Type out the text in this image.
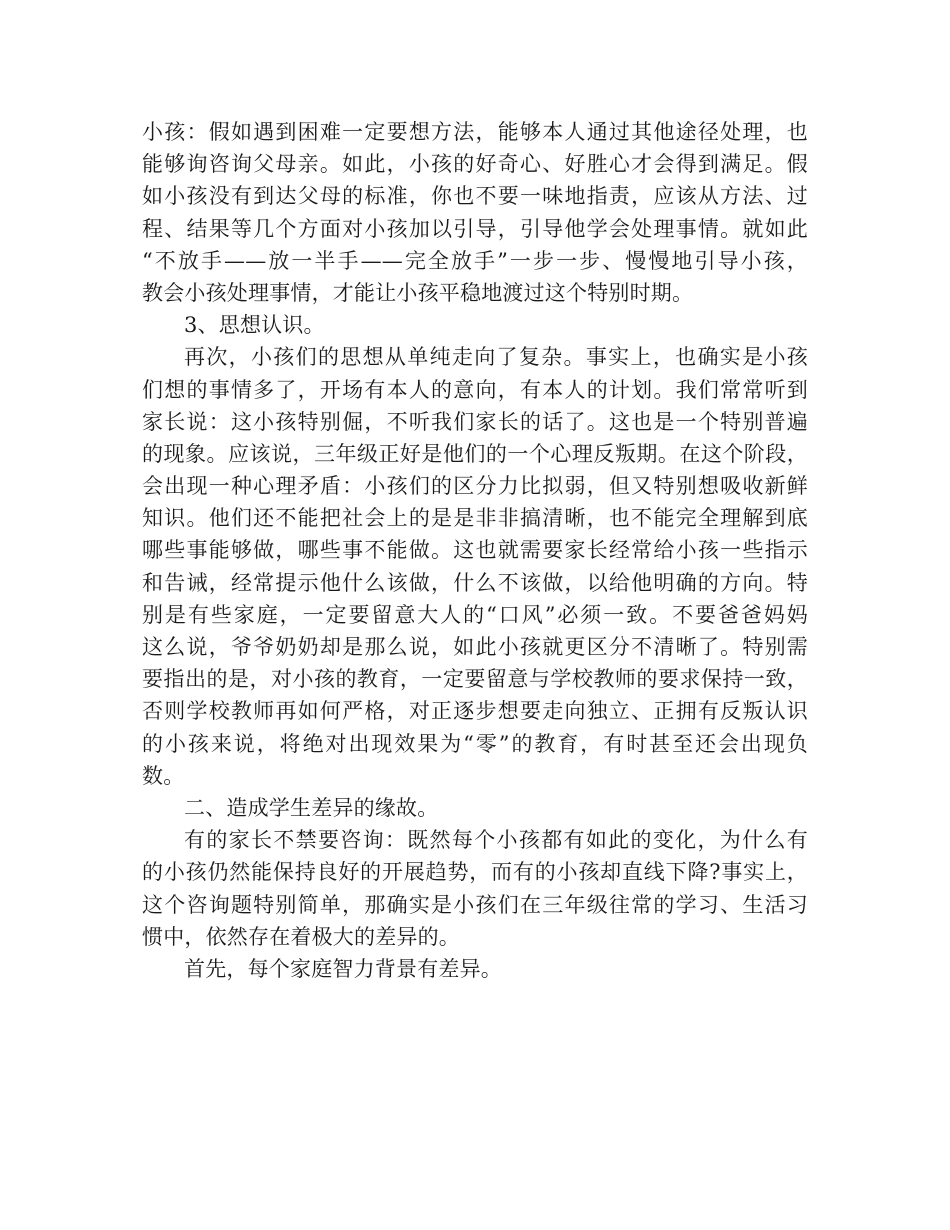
小孩：假如遇到困难一定要想方法，能够本人通过其他途径处理，也

能够询咨询父母亲。如此，小孩的好奇心、好胜心才会得到满足。假

如小孩没有到达父母的标准，你也不要一味地指责，应该从方法、过

程、结果等几个方面对小孩加以引导，引导他学会处理事情。就如此

“不放手——放一半手——完全放手”一步一步、慢慢地引导小孩，

教会小孩处理事情，才能让小孩平稳地渡过这个特别时期。

3、思想认识。

再次，小孩们的思想从单纯走向了复杂。事实上，也确实是小孩

们想的事情多了，开场有本人的意向，有本人的计划。我们常常听到

家长说：这小孩特别倔，不听我们家长的话了。这也是一个特别普遍

的现象。应该说，三年级正好是他们的一个心理反叛期。在这个阶段，

会出现一种心理矛盾：小孩们的区分力比拟弱，但又特别想吸收新鲜

知识。他们还不能把社会上的是是非非搞清晰，也不能完全理解到底

哪些事能够做，哪些事不能做。这也就需要家长经常给小孩一些指示

和告诫，经常提示他什么该做，什么不该做，以给他明确的方向。特

别是有些家庭，一定要留意大人的“口风”必须一致。不要爸爸妈妈

这么说，爷爷奶奶却是那么说，如此小孩就更区分不清晰了。特别需

要指出的是，对小孩的教育，一定要留意与学校教师的要求保持一致，

否则学校教师再如何严格，对正逐步想要走向独立、正拥有反叛认识

的小孩来说，将绝对出现效果为“零”的教育，有时甚至还会出现负

数。

二、造成学生差异的缘故。

有的家长不禁要咨询：既然每个小孩都有如此的变化，为什么有

的小孩仍然能保持良好的开展趋势，而有的小孩却直线下降?事实上，

这个咨询题特别简单，那确实是小孩们在三年级往常的学习、生活习

惯中，依然存在着极大的差异的。

首先，每个家庭智力背景有差异。
